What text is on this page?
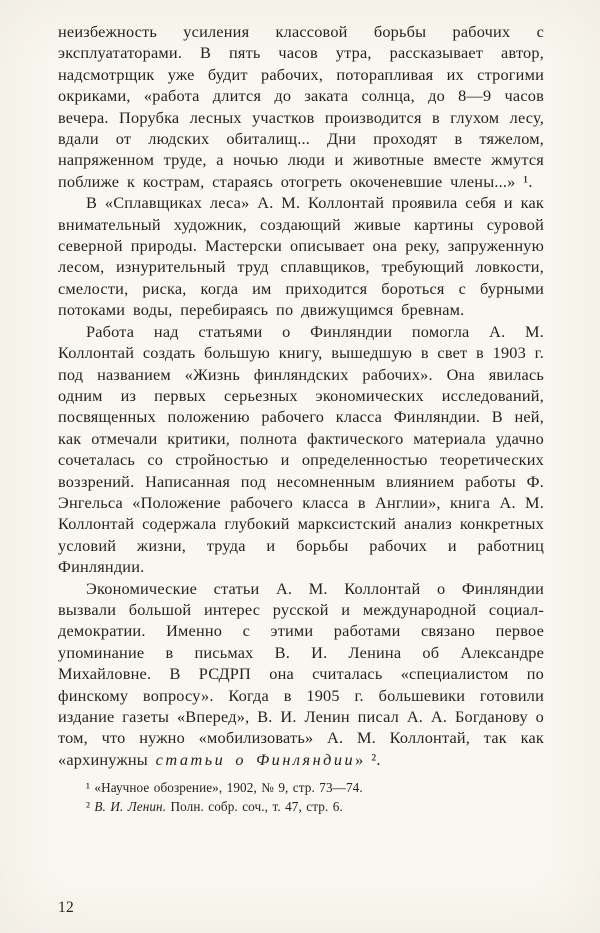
неизбежность усиления классовой борьбы рабочих с эксплуататорами. В пять часов утра, рассказывает автор, надсмотрщик уже будит рабочих, поторапливая их строгими окриками, «работа длится до заката солнца, до 8—9 часов вечера. Порубка лесных участков производится в глухом лесу, вдали от людских обиталищ... Дни проходят в тяжелом, напряженном труде, а ночью люди и животные вместе жмутся поближе к кострам, стараясь отогреть окоченевшие члены...» ¹.

В «Сплавщиках леса» А. М. Коллонтай проявила себя и как внимательный художник, создающий живые картины суровой северной природы. Мастерски описывает она реку, запруженную лесом, изнурительный труд сплавщиков, требующий ловкости, смелости, риска, когда им приходится бороться с бурными потоками воды, перебираясь по движущимся бревнам.

Работа над статьями о Финляндии помогла А. М. Коллонтай создать большую книгу, вышедшую в свет в 1903 г. под названием «Жизнь финляндских рабочих». Она явилась одним из первых серьезных экономических исследований, посвященных положению рабочего класса Финляндии. В ней, как отмечали критики, полнота фактического материала удачно сочеталась со стройностью и определенностью теоретических воззрений. Написанная под несомненным влиянием работы Ф. Энгельса «Положение рабочего класса в Англии», книга А. М. Коллонтай содержала глубокий марксистский анализ конкретных условий жизни, труда и борьбы рабочих и работниц Финляндии.

Экономические статьи А. М. Коллонтай о Финляндии вызвали большой интерес русской и международной социал-демократии. Именно с этими работами связано первое упоминание в письмах В. И. Ленина об Александре Михайловне. В РСДРП она считалась «специалистом по финскому вопросу». Когда в 1905 г. большевики готовили издание газеты «Вперед», В. И. Ленин писал А. А. Богданову о том, что нужно «мобилизовать» А. М. Коллонтай, так как «архинужны статьи о Финляндии» ².

¹ «Научное обозрение», 1902, № 9, стр. 73—74.

² В. И. Ленин. Полн. собр. соч., т. 47, стр. 6.

12
